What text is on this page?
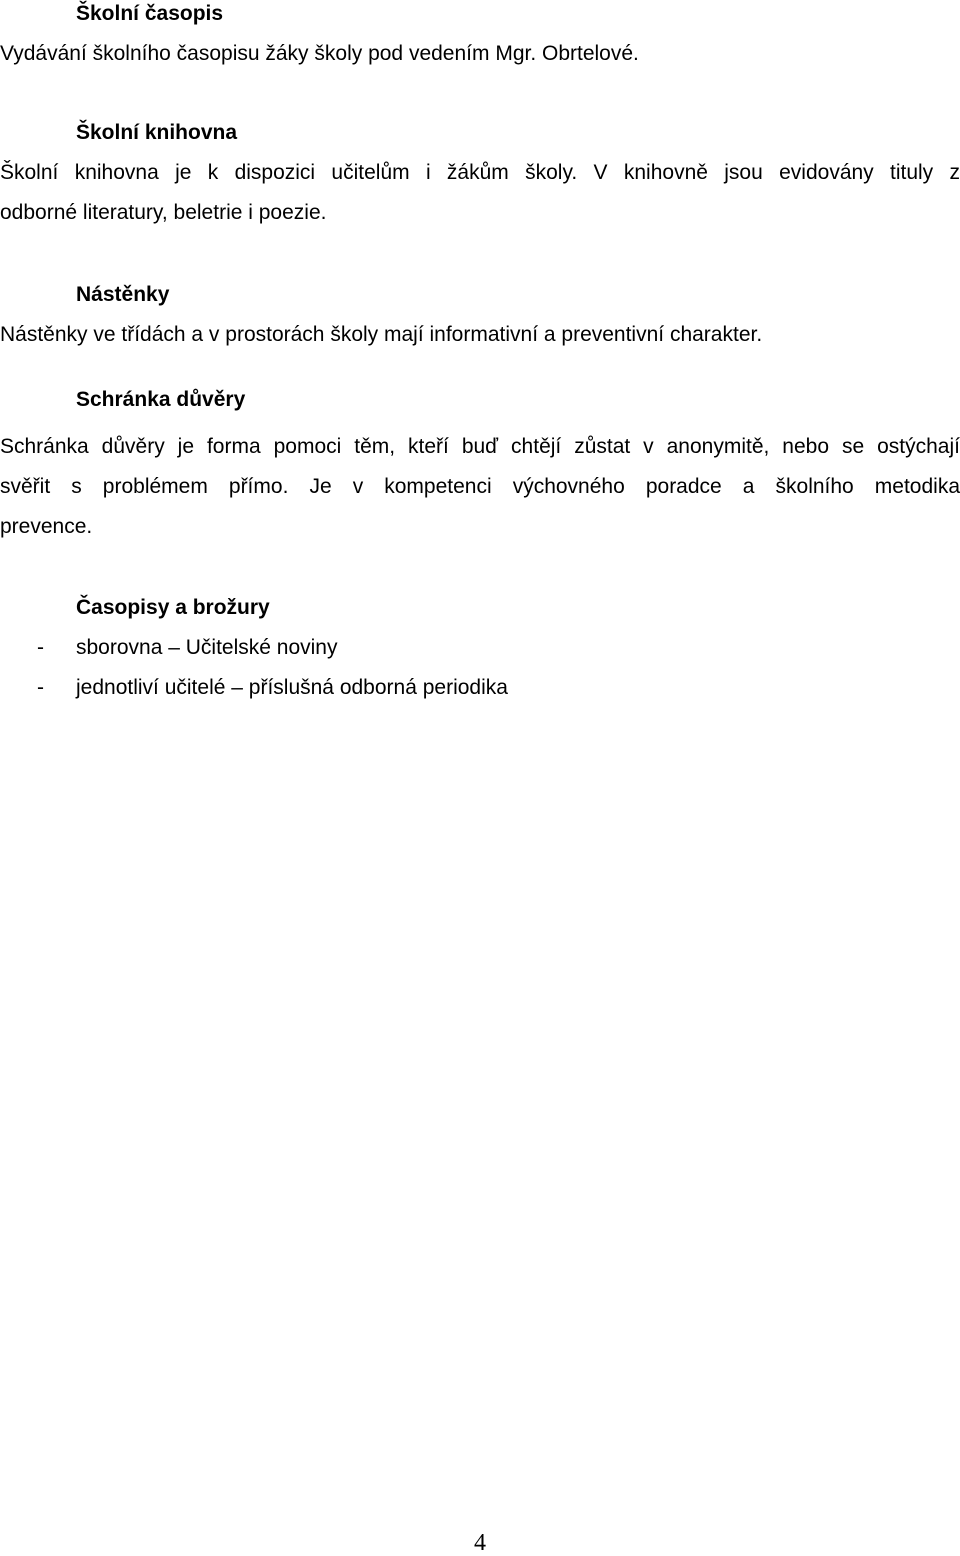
Školní časopis
Vydávání školního časopisu žáky školy pod vedením Mgr. Obrtelové.
Školní knihovna
Školní knihovna je k dispozici učitelům i žákům školy. V knihovně jsou evidovány tituly z
odborné literatury, beletrie i poezie.
Nástěnky
Nástěnky ve třídách a v prostorách školy mají informativní a preventivní charakter.
Schránka důvěry
Schránka důvěry je forma pomoci těm, kteří buď chtějí zůstat v anonymitě, nebo se ostýchají
svěřit s problémem přímo. Je v kompetenci výchovného poradce a školního metodika
prevence.
Časopisy a brožury
- sborovna – Učitelské noviny
- jednotliví učitelé – příslušná odborná periodika
4
